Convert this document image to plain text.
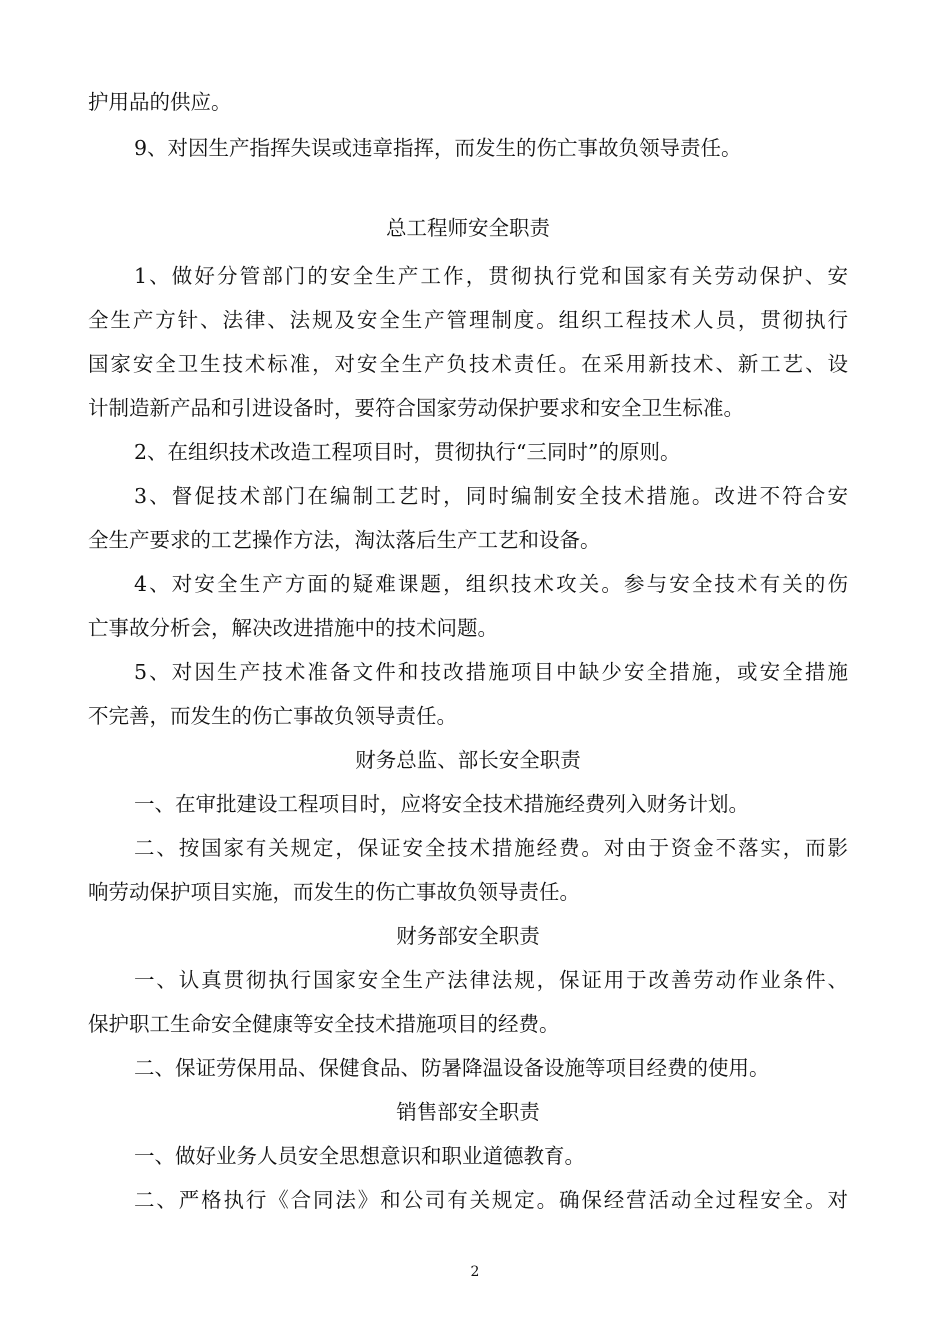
护用品的供应。
9、对因生产指挥失误或违章指挥，而发生的伤亡事故负领导责任。
总工程师安全职责
1、做好分管部门的安全生产工作，贯彻执行党和国家有关劳动保护、安
全生产方针、法律、法规及安全生产管理制度。组织工程技术人员，贯彻执行
国家安全卫生技术标准，对安全生产负技术责任。在采用新技术、新工艺、设
计制造新产品和引进设备时，要符合国家劳动保护要求和安全卫生标准。
2、在组织技术改造工程项目时，贯彻执行“三同时”的原则。
3、督促技术部门在编制工艺时，同时编制安全技术措施。改进不符合安
全生产要求的工艺操作方法，淘汰落后生产工艺和设备。
4、对安全生产方面的疑难课题，组织技术攻关。参与安全技术有关的伤
亡事故分析会，解决改进措施中的技术问题。
5、对因生产技术准备文件和技改措施项目中缺少安全措施，或安全措施
不完善，而发生的伤亡事故负领导责任。
财务总监、部长安全职责
一、在审批建设工程项目时，应将安全技术措施经费列入财务计划。
二、按国家有关规定，保证安全技术措施经费。对由于资金不落实，而影
响劳动保护项目实施，而发生的伤亡事故负领导责任。
财务部安全职责
一、认真贯彻执行国家安全生产法律法规，保证用于改善劳动作业条件、
保护职工生命安全健康等安全技术措施项目的经费。
二、保证劳保用品、保健食品、防暑降温设备设施等项目经费的使用。
销售部安全职责
一、做好业务人员安全思想意识和职业道德教育。
二、严格执行《合同法》和公司有关规定。确保经营活动全过程安全。对
2
